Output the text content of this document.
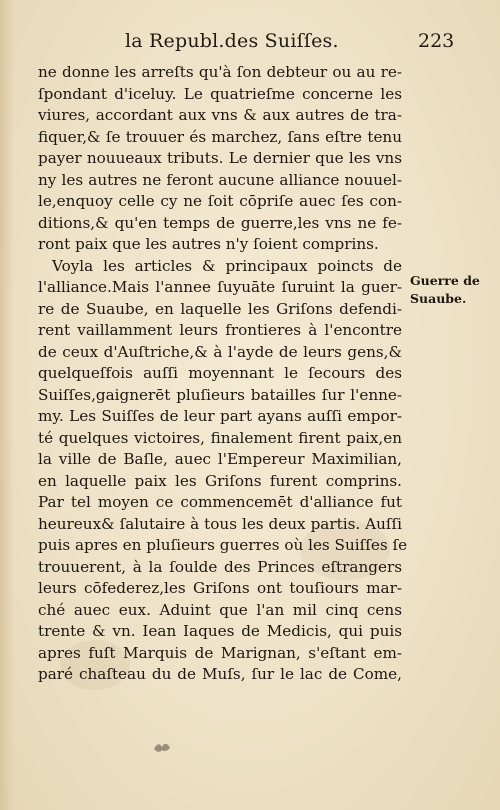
la Republ.des Suiſſes.	223
ne donne les arreſts qu'à ſon debteur ou au re-
ſpondant d'iceluy. Le quatrieſme concerne les
viures, accordant aux vns & aux autres de tra-
fiquer,& ſe trouuer és marchez, ſans eſtre tenu
payer nouueaux tributs. Le dernier que les vns
ny les autres ne feront aucune alliance nouuel-
le,enquoy celle cy ne ſoit cōpriſe auec ſes con-
ditions,& qu'en temps de guerre,les vns ne fe-
ront paix que les autres n'y ſoient comprins.
Voyla les articles & principaux poincts de
l'alliance.Mais l'annee ſuyuāte ſuruint la guer-
re de Suaube, en laquelle les Griſons defendi-
rent vaillamment leurs frontieres à l'encontre
de ceux d'Auſtriche,& à l'ayde de leurs gens,&
quelqueſfois auſſi moyennant le ſecours des
Suiſſes,gaignerēt pluſieurs batailles ſur l'enne-
my. Les Suiſſes de leur part ayans auſſi empor-
té quelques victoires, finalement firent paix,en
la ville de Baſle, auec l'Empereur Maximilian,
en laquelle paix les Griſons furent comprins.
Par tel moyen ce commencemēt d'alliance fut
heureux& ſalutaire à tous les deux partis. Auſſi
puis apres en pluſieurs guerres où les Suiſſes ſe
trouuerent, à la ſoulde des Princes eſtrangers
leurs cōfederez,les Griſons ont touſiours mar-
ché auec eux. Aduint que l'an mil cinq cens
trente & vn. Iean Iaques de Medicis, qui puis
apres fuſt Marquis de Marignan, s'eſtant em-
paré chaſteau du de Muſs, ſur le lac de Come,
Guerre de
Suaube.
